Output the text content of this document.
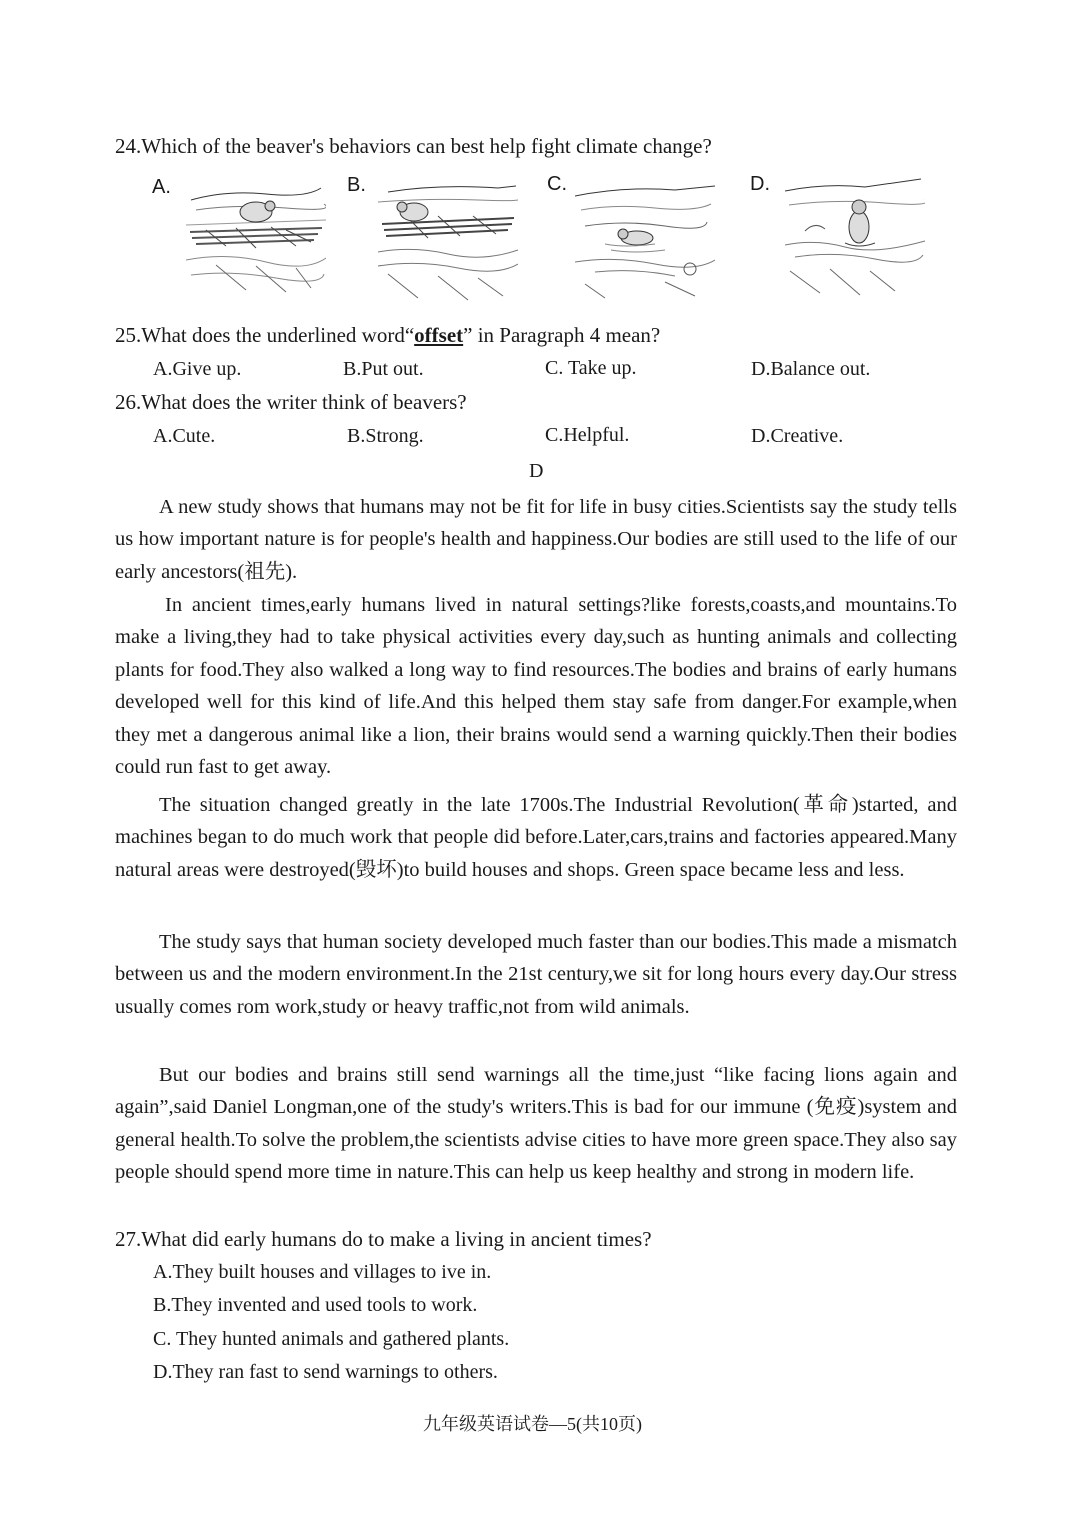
24.Which of the beaver's behaviors can best help fight climate change?
A.	B.	C.	D.
25.What does the underlined word“offset” in Paragraph 4 mean?
A.Give up.	B.Put out.	C. Take up.	D.Balance out.
26.What does the writer think of beavers?
A.Cute.	B.Strong.	C.Helpful.	D.Creative.
D

A new study shows that humans may not be fit for life in busy cities.Scientists say the study tells us how important nature is for people's health and happiness.Our bodies are still used to the life of our early ancestors(祖先).

In ancient times,early humans lived in natural settings?like forests,coasts,and mountains.To make a living,they had to take physical activities every day,such as hunting animals and collecting plants for food.They also walked a long way to find resources.The bodies and brains of early humans developed well for this kind of life.And this helped them stay safe from danger.For example,when they met a dangerous animal like a lion, their brains would send a warning quickly.Then their bodies could run fast to get away.

The situation changed greatly in the late 1700s.The Industrial Revolution(革命)started, and machines began to do much work that people did before.Later,cars,trains and factories appeared.Many natural areas were destroyed(毁坏)to build houses and shops. Green space became less and less.

The study says that human society developed much faster than our bodies.This made a mismatch between us and the modern environment.In the 21st century,we sit for long hours every day.Our stress usually comes rom work,study or heavy traffic,not from wild animals.

But our bodies and brains still send warnings all the time,just “like facing lions again and again”,said Daniel Longman,one of the study's writers.This is bad for our immune (免疫)system and general health.To solve the problem,the scientists advise cities to have more green space.They also say people should spend more time in nature.This can help us keep healthy and strong in modern life.

27.What did early humans do to make a living in ancient times?
A.They built houses and villages to ive in.
B.They invented and used tools to work.
C. They hunted animals and gathered plants.
D.They ran fast to send warnings to others.
九年级英语试卷—5(共10页)
